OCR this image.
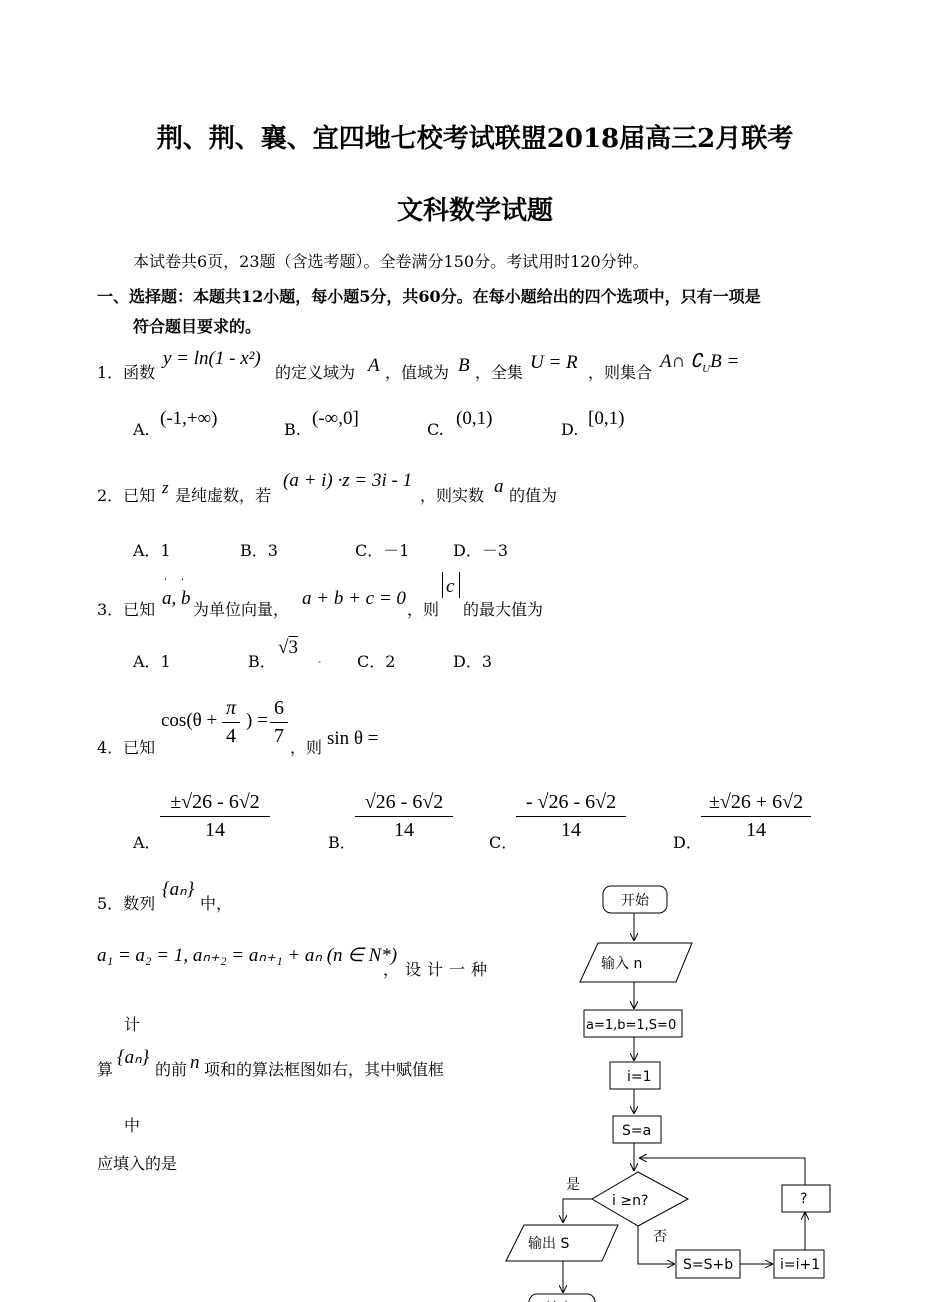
荆、荆、襄、宜四地七校考试联盟2018届高三2月联考
文科数学试题
本试卷共6页，23题（含选考题）。全卷满分150分。考试用时120分钟。
一、选择题：本题共12小题，每小题5分，共60分。在每小题给出的四个选项中，只有一项是
符合题目要求的。
1．函数
y = ln(1 - x²)
的定义域为 A ，值域为 B ，全集 U = R ，则集合
A∩ $∁_UB$ =
A.
(-1,+∞)
B.
(-∞,0]
C.
(0,1)
D.
[0,1)
2．已知 z 是纯虚数，若
(a + i) ·z = 3i - 1
，则实数 a 的值为
A．1	B．3	C．－1	D．－3
3．已知
a, b
ˈ ˈ
为单位向量，
a + b + c = 0
，则
c
的最大值为
A．1	B．
√3 . C．2	D．3
4．已知
$\cos(\theta + \frac{\pi}{4}$ ) = $\frac{6}{7}$ ，则 sin θ =
A．
$\frac{\pm√26 - 6√2}{14}$
B．
$\frac{√26 - 6√2}{14}$
C．
$\frac{- √26 - 6√2}{14}$
D．
$\frac{\pm√26 + 6√2}{14}$
5．数列
{aₙ}
中，
a₁ = a₂ = 1, aₙ₊₂ = aₙ₊₁ + aₙ (n ∈ N*)
，设计一种
计
算
{aₙ}
的前 n 项和的算法框图如右，其中赋值框
中
应填入的是
开始
输入 n
a=1,b=1,S=0
i=1
S=a
i ≥n?
是
否
输出 S
S=S+b	i=i+1
?
